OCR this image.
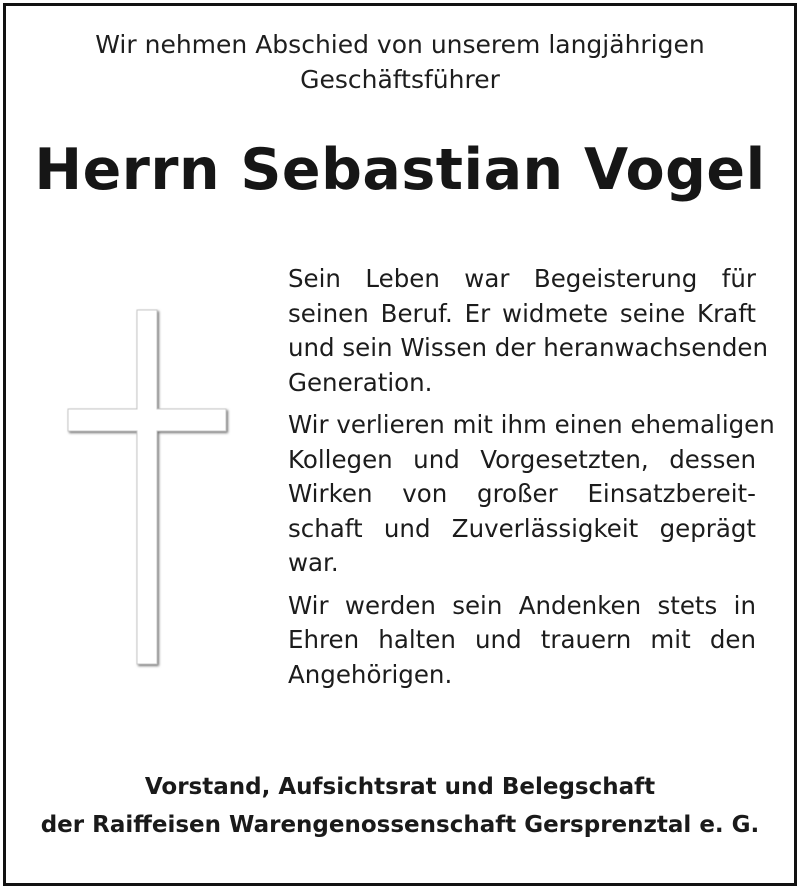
Wir nehmen Abschied von unserem langjährigen
Geschäftsführer
Herrn Sebastian Vogel

Sein Leben war Begeisterung für
seinen Beruf. Er widmete seine Kraft
und sein Wissen der heranwachsenden
Generation.

Wir verlieren mit ihm einen ehemaligen
Kollegen und Vorgesetzten, dessen
Wirken von großer Einsatzbereit-
schaft und Zuverlässigkeit geprägt
war.

Wir werden sein Andenken stets in
Ehren halten und trauern mit den
Angehörigen.

Vorstand, Aufsichtsrat und Belegschaft
der Raiffeisen Warengenossenschaft Gersprenztal e. G.
